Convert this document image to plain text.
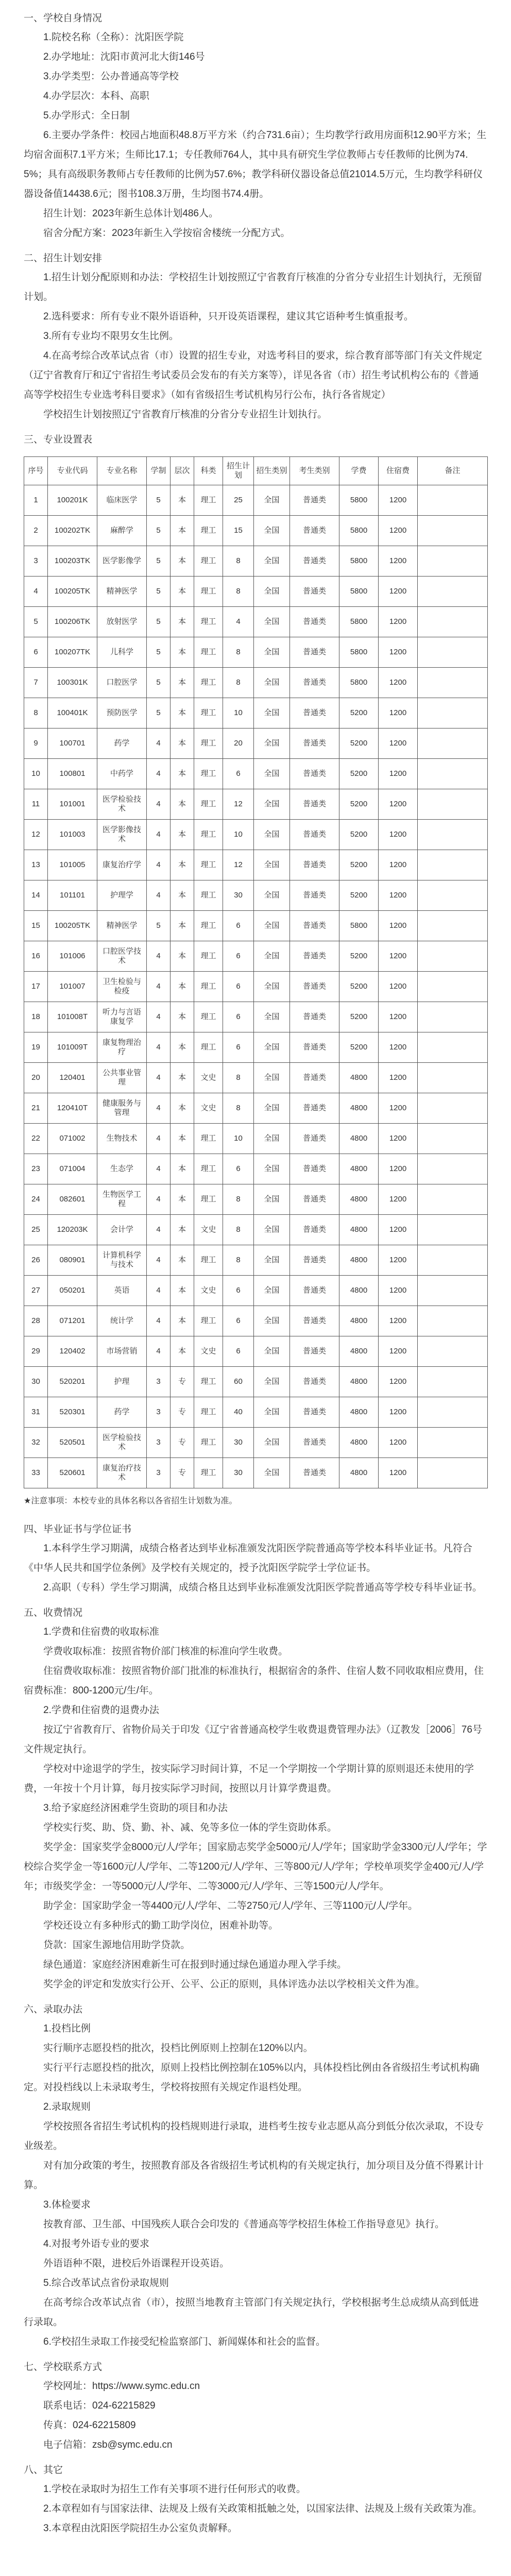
一、学校自身情况

1.院校名称（全称）：沈阳医学院

2.办学地址：沈阳市黄河北大街146号

3.办学类型：公办普通高等学校

4.办学层次：本科、高职

5.办学形式：全日制

6.主要办学条件：校园占地面积48.8万平方米（约合731.6亩）；生均教学行政用房面积12.90平方米；生均宿舍面积7.1平方米；生师比17.1；专任教师764人，其中具有研究生学位教师占专任教师的比例为74.5%；具有高级职务教师占专任教师的比例为57.6%；教学科研仪器设备总值21014.5万元，生均教学科研仪器设备值14438.6元；图书108.3万册，生均图书74.4册。

招生计划：2023年新生总体计划486人。

宿舍分配方案：2023年新生入学按宿舍楼统一分配方式。

二、招生计划安排

1.招生计划分配原则和办法：学校招生计划按照辽宁省教育厅核准的分省分专业招生计划执行，无预留计划。

2.选科要求：所有专业不限外语语种，只开设英语课程，建议其它语种考生慎重报考。

3.所有专业均不限男女生比例。

4.在高考综合改革试点省（市）设置的招生专业，对选考科目的要求，综合教育部等部门有关文件规定（辽宁省教育厅和辽宁省招生考试委员会发布的有关方案等），详见各省（市）招生考试机构公布的《普通高等学校招生专业选考科目要求》（如有省级招生考试机构另行公布，执行各省规定）

学校招生计划按照辽宁省教育厅核准的分省分专业招生计划执行。

三、专业设置表
序号	专业代码	专业名称	学制	层次	科类	招生计划	招生类别	考生类别	学费	住宿费	备注
1	100201K	临床医学	5	本	理工	25	全国	普通类	5800	1200	
2	100202TK	麻醉学	5	本	理工	15	全国	普通类	5800	1200	
3	100203TK	医学影像学	5	本	理工	8	全国	普通类	5800	1200	
4	100205TK	精神医学	5	本	理工	8	全国	普通类	5800	1200	
5	100206TK	放射医学	5	本	理工	4	全国	普通类	5800	1200	
6	100207TK	儿科学	5	本	理工	8	全国	普通类	5800	1200	
7	100301K	口腔医学	5	本	理工	8	全国	普通类	5800	1200	
8	100401K	预防医学	5	本	理工	10	全国	普通类	5200	1200	
9	100701	药学	4	本	理工	20	全国	普通类	5200	1200	
10	100801	中药学	4	本	理工	6	全国	普通类	5200	1200	
11	101001	医学检验技术	4	本	理工	12	全国	普通类	5200	1200	
12	101003	医学影像技术	4	本	理工	10	全国	普通类	5200	1200	
13	101005	康复治疗学	4	本	理工	12	全国	普通类	5200	1200	
14	101101	护理学	4	本	理工	30	全国	普通类	5200	1200	
15	100205TK	精神医学	5	本	理工	6	全国	普通类	5800	1200	
16	101006	口腔医学技术	4	本	理工	6	全国	普通类	5200	1200	
17	101007	卫生检验与检疫	4	本	理工	6	全国	普通类	5200	1200	
18	101008T	听力与言语康复学	4	本	理工	6	全国	普通类	5200	1200	
19	101009T	康复物理治疗	4	本	理工	6	全国	普通类	5200	1200	
20	120401	公共事业管理	4	本	文史	8	全国	普通类	4800	1200	
21	120410T	健康服务与管理	4	本	文史	8	全国	普通类	4800	1200	
22	071002	生物技术	4	本	理工	10	全国	普通类	4800	1200	
23	071004	生态学	4	本	理工	6	全国	普通类	4800	1200	
24	082601	生物医学工程	4	本	理工	8	全国	普通类	4800	1200	
25	120203K	会计学	4	本	文史	8	全国	普通类	4800	1200	
26	080901	计算机科学与技术	4	本	理工	8	全国	普通类	4800	1200	
27	050201	英语	4	本	文史	6	全国	普通类	4800	1200	
28	071201	统计学	4	本	理工	6	全国	普通类	4800	1200	
29	120402	市场营销	4	本	文史	6	全国	普通类	4800	1200	
30	520201	护理	3	专	理工	60	全国	普通类	4800	1200	
31	520301	药学	3	专	理工	40	全国	普通类	4800	1200	
32	520501	医学检验技术	3	专	理工	30	全国	普通类	4800	1200	
33	520601	康复治疗技术	3	专	理工	30	全国	普通类	4800	1200	
★注意事项：本校专业的具体名称以各省招生计划数为准。
四、毕业证书与学位证书

1.本科学生学习期满，成绩合格者达到毕业标准颁发沈阳医学院普通高等学校本科毕业证书。凡符合《中华人民共和国学位条例》及学校有关规定的，授予沈阳医学院学士学位证书。

2.高职（专科）学生学习期满，成绩合格且达到毕业标准颁发沈阳医学院普通高等学校专科毕业证书。

五、收费情况

1.学费和住宿费的收取标准

学费收取标准：按照省物价部门核准的标准向学生收费。

住宿费收取标准：按照省物价部门批准的标准执行，根据宿舍的条件、住宿人数不同收取相应费用，住宿费标准：800-1200元/生/年。

2.学费和住宿费的退费办法

按辽宁省教育厅、省物价局关于印发《辽宁省普通高校学生收费退费管理办法》（辽教发［2006］76号文件规定执行。

学校对中途退学的学生，按实际学习时间计算，不足一个学期按一个学期计算的原则退还未使用的学费，一年按十个月计算，每月按实际学习时间，按照以月计算学费退费。

3.给予家庭经济困难学生资助的项目和办法

学校实行奖、助、贷、勤、补、减、免等多位一体的学生资助体系。

奖学金：国家奖学金8000元/人/学年；国家励志奖学金5000元/人/学年；国家助学金3300元/人/学年；学校综合奖学金一等1600元/人/学年、二等1200元/人/学年、三等800元/人/学年；学校单项奖学金400元/人/学年；市级奖学金：一等5000元/人/学年、二等3000元/人/学年、三等1500元/人/学年。

助学金：国家助学金一等4400元/人/学年、二等2750元/人/学年、三等1100元/人/学年。

学校还设立有多种形式的勤工助学岗位，困难补助等。

贷款：国家生源地信用助学贷款。

绿色通道：家庭经济困难新生可在报到时通过绿色通道办理入学手续。

奖学金的评定和发放实行公开、公平、公正的原则，具体评选办法以学校相关文件为准。

六、录取办法

1.投档比例

实行顺序志愿投档的批次，投档比例原则上控制在120%以内。

实行平行志愿投档的批次，原则上投档比例控制在105%以内，具体投档比例由各省级招生考试机构确定。对投档线以上未录取考生，学校将按照有关规定作退档处理。

2.录取规则

学校按照各省招生考试机构的投档规则进行录取，进档考生按专业志愿从高分到低分依次录取，不设专业级差。

对有加分政策的考生，按照教育部及各省级招生考试机构的有关规定执行，加分项目及分值不得累计计算。

3.体检要求

按教育部、卫生部、中国残疾人联合会印发的《普通高等学校招生体检工作指导意见》执行。

4.对报考外语专业的要求

外语语种不限，进校后外语课程开设英语。

5.综合改革试点省份录取规则

在高考综合改革试点省（市），按照当地教育主管部门有关规定执行，学校根据考生总成绩从高到低进行录取。

6.学校招生录取工作接受纪检监察部门、新闻媒体和社会的监督。

七、学校联系方式

学校网址：https://www.symc.edu.cn

联系电话：024-62215829

传真：024-62215809

电子信箱：zsb@symc.edu.cn

八、其它

1.学校在录取时为招生工作有关事项不进行任何形式的收费。

2.本章程如有与国家法律、法规及上级有关政策相抵触之处，以国家法律、法规及上级有关政策为准。

3.本章程由沈阳医学院招生办公室负责解释。
